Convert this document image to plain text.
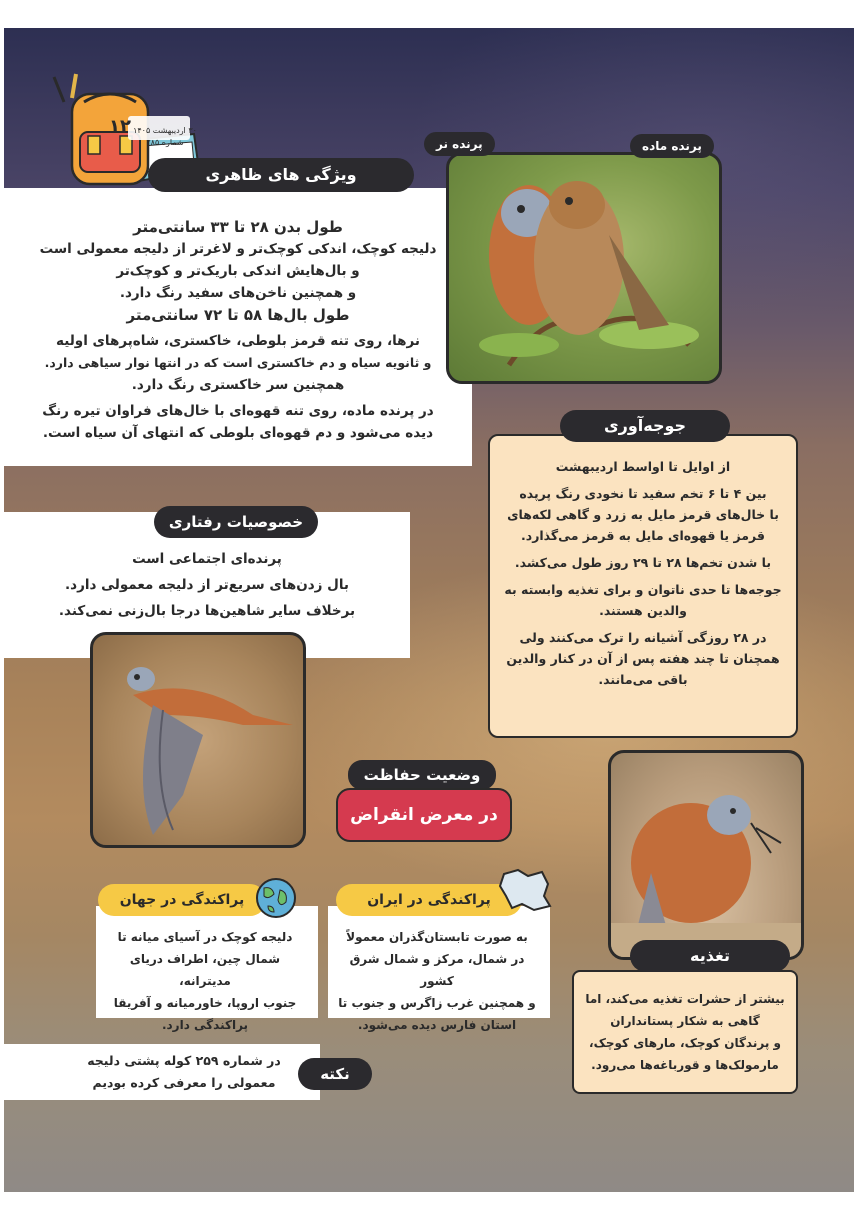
۱۲ ۳۰ اردیبهشت ۱۴۰۵
شماره ۲۸۵

طول بدن ۲۸ تا ۳۳ سانتی‌متر

دلیجه کوچک، اندکی کوچک‌تر و لاغرتر از دلیجه معمولی است

و بال‌هایش اندکی باریک‌تر و کوچک‌تر

و همچنین ناخن‌های سفید رنگ دارد.

طول بال‌ها ۵۸ تا ۷۲ سانتی‌متر

نرها، روی تنه قرمز بلوطی، خاکستری، شاه‌پرهای اولیه

و ثانویه سیاه و دم خاکستری است که در انتها نوار سیاهی دارد.

همچنین سر خاکستری رنگ دارد.

در پرنده ماده، روی تنه قهوه‌ای با خال‌های فراوان تیره رنگ

دیده می‌شود و دم قهوه‌ای بلوطی که انتهای آن سیاه است.

ویژگی های ظاهری
پرنده نر	پرنده ماده

از اوایل تا اواسط اردیبهشت

بین ۴ تا ۶ تخم سفید تا نخودی رنگ پرپده

با خال‌های قرمز مایل به زرد و گاهی لکه‌های

قرمز یا قهوه‌ای مایل به قرمز می‌گذارد.

با شدن تخم‌ها ۲۸ تا ۲۹ روز طول می‌کشد.

جوجه‌ها تا حدی ناتوان و برای تغذیه وابسته به

والدین هستند.

در ۲۸ روزگی آشیانه را ترک می‌کنند ولی

همچنان تا چند هفته پس از آن در کنار والدین

باقی می‌مانند.

جوجه‌آوری

پرنده‌ای اجتماعی است

بال زدن‌های سریع‌تر از دلیجه معمولی دارد.

برخلاف سایر شاهین‌ها درجا بال‌زنی نمی‌کند.

خصوصیات رفتاری
وضعیت حفاظت
در معرض انقراض

بیشتر از حشرات تغذیه می‌کند، اما

گاهی به شکار پستانداران

و پرندگان کوچک، مارهای کوچک،

مارمولک‌ها و قورباغه‌ها می‌رود.

تغذیه

به صورت تابستان‌گذران معمولاً

در شمال، مرکز و شمال شرق کشور

و همچنین غرب زاگرس و جنوب تا

استان فارس دیده می‌شود.

پراکندگی در ایران

دلیجه کوچک در آسیای میانه تا

شمال چین، اطراف دریای مدیترانه،

جنوب اروپا، خاورمیانه و آفریقا

پراکندگی دارد.

پراکندگی در جهان

در شماره ۲۵۹ کوله پشتی دلیجه

معمولی را معرفی کرده بودیم	نکته
